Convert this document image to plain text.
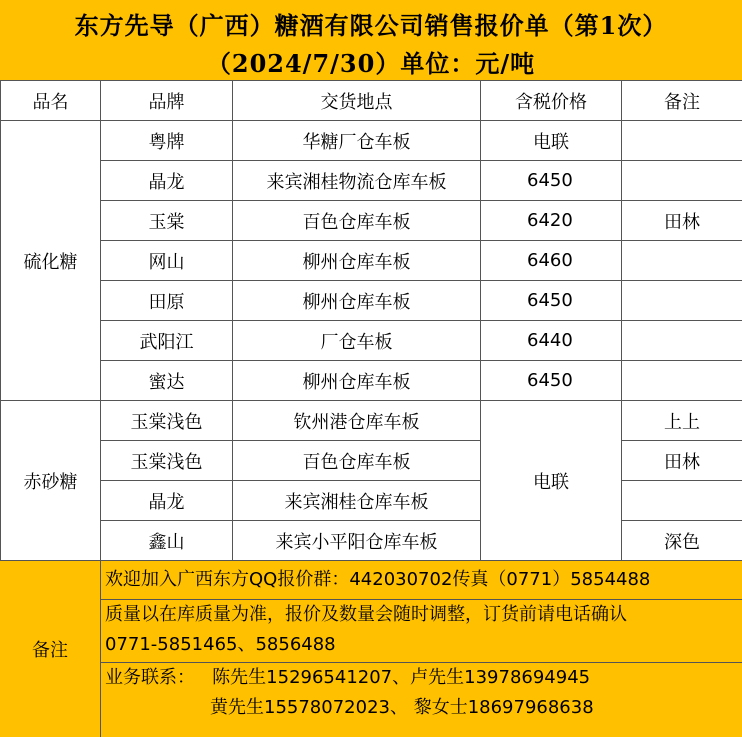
东方先导（广西）糖酒有限公司销售报价单（第1次）
（2024/7/30）单位：元/吨
品名	品牌	交货地点	含税价格	备注
硫化糖	粤牌	华糖厂仓车板	电联	
	晶龙	来宾湘桂物流仓库车板	6450	
	玉棠	百色仓库车板	6420	田林
	网山	柳州仓库车板	6460	
	田原	柳州仓库车板	6450	
	武阳江	厂仓车板	6440	
	蜜达	柳州仓库车板	6450	
赤砂糖	玉棠浅色	钦州港仓库车板	电联	上上
	玉棠浅色	百色仓库车板		田林
	晶龙	来宾湘桂仓库车板		
	鑫山	来宾小平阳仓库车板		深色
备注
欢迎加入广西东方QQ报价群：442030702传真（0771）5854488
质量以在库质量为准，报价及数量会随时调整，订货前请电话确认
0771-5851465、5856488
业务联系：   陈先生15296541207、卢先生13978694945
黄先生15578072023、 黎女士18697968638
